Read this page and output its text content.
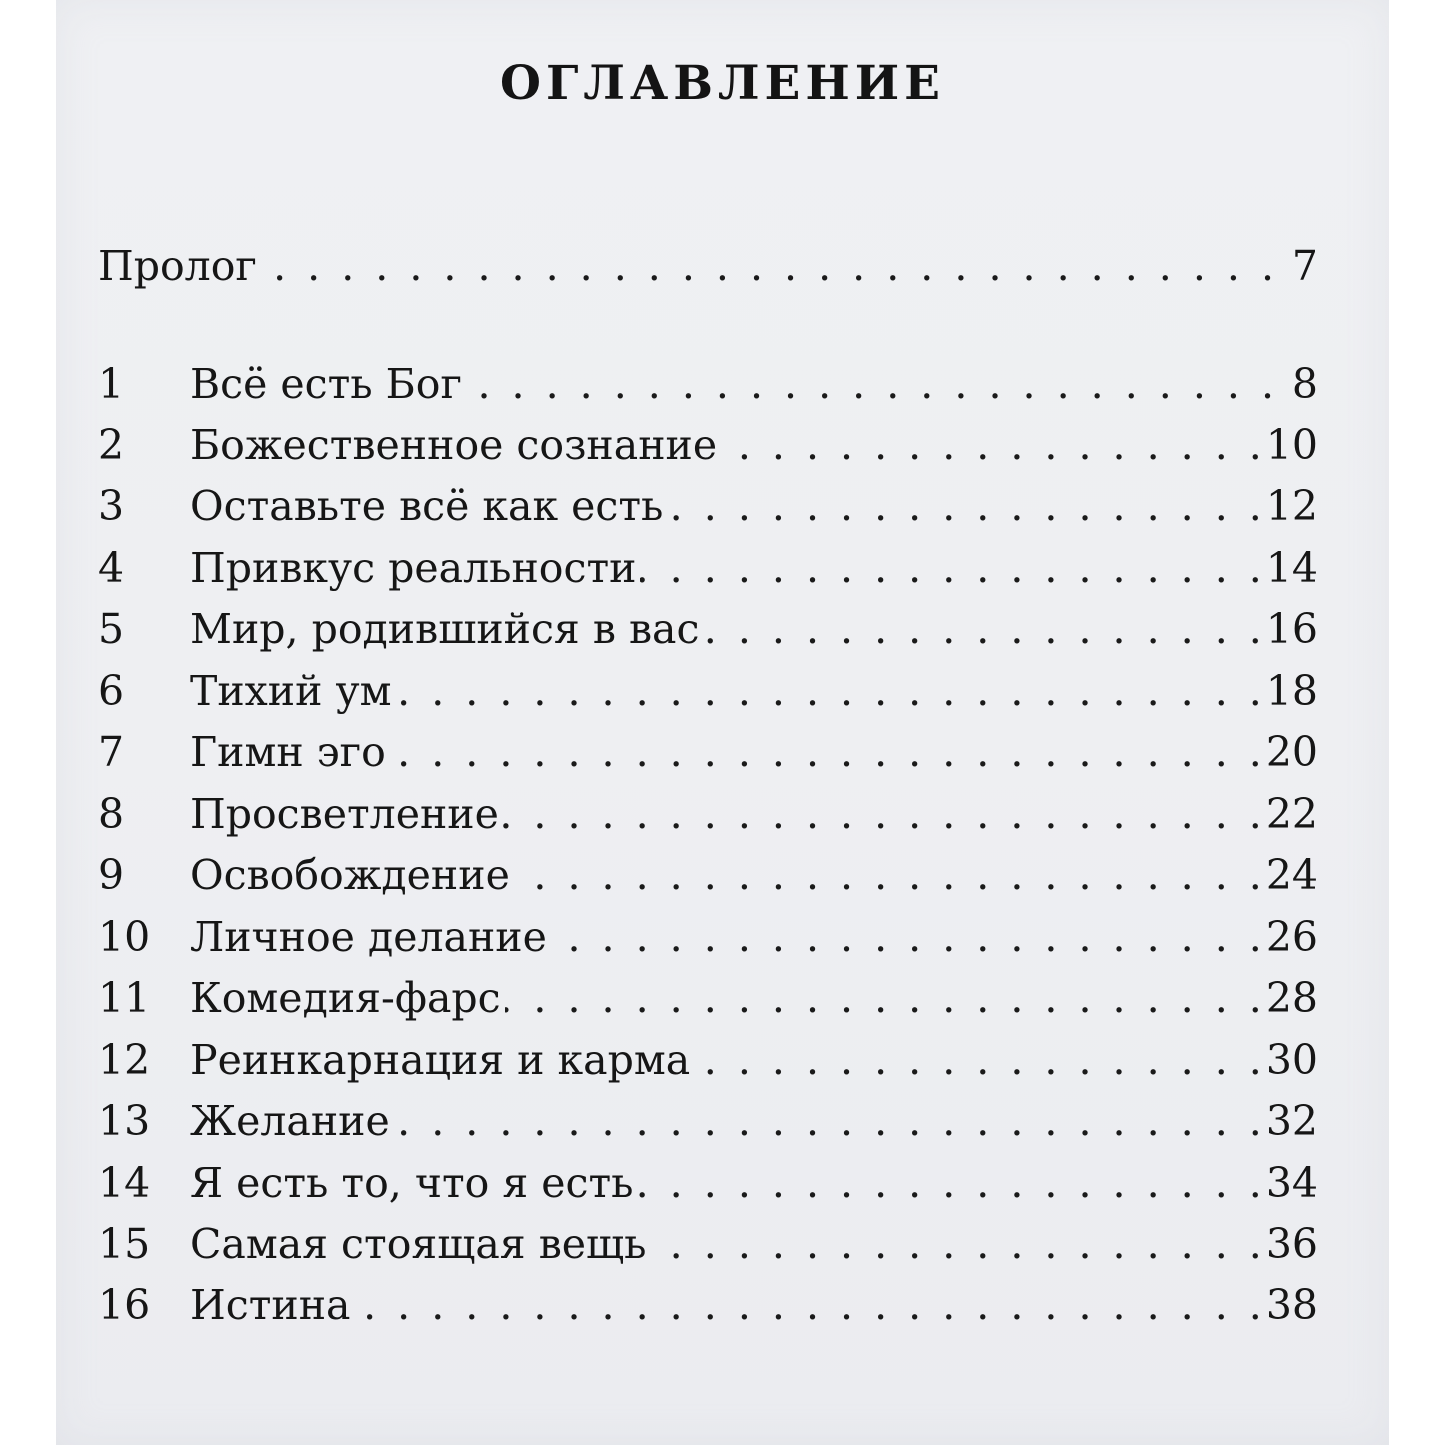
ОГЛАВЛЕНИЕ
Пролог . . .	7
1	Всё есть Бог . . .	8
2	Божественное сознание . . .	10
3	Оставьте всё как есть . . .	12
4	Привкус реальности . . .	14
5	Мир, родившийся в вас . . .	16
6	Тихий ум . . .	18
7	Гимн эго . . .	20
8	Просветление . . .	22
9	Освобождение . . .	24
10 Личное делание . . .	26
11 Комедия-фарс . . .	28
12 Реинкарнация и карма . . .	30
13 Желание . . .	32
14 Я есть то, что я есть . . .	34
15 Самая стоящая вещь . . .	36
16 Истина . . .	38
